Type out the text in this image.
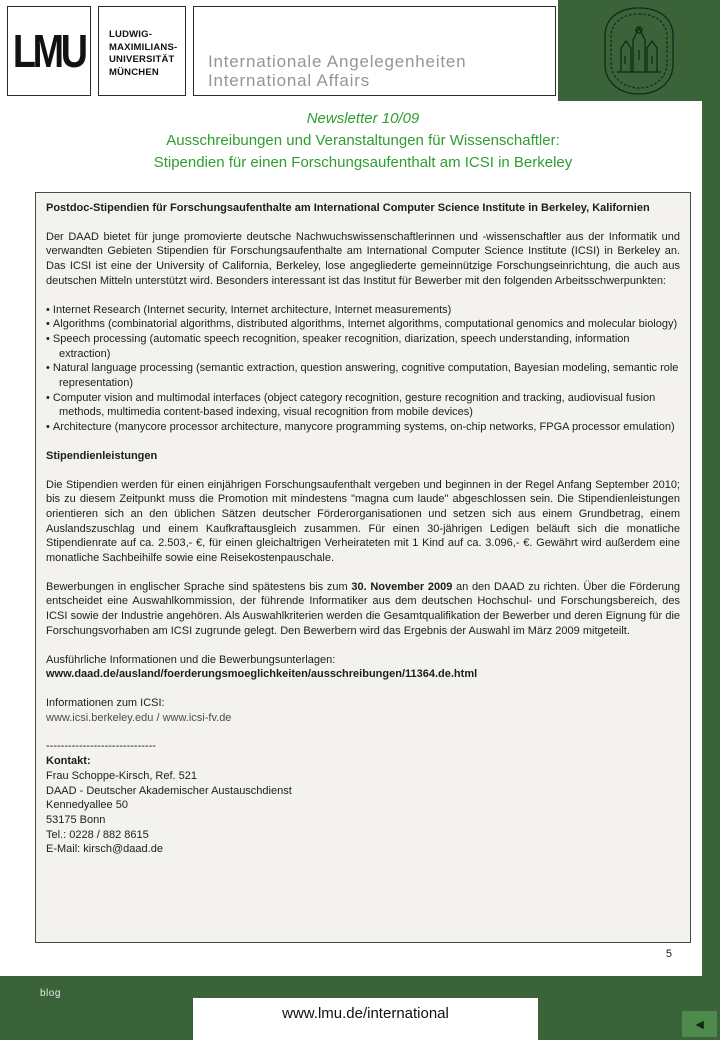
LMU	LUDWIG-
MAXIMILIANS-
UNIVERSITÄT
MÜNCHEN
Internationale Angelegenheiten
International Affairs
Newsletter 10/09
Ausschreibungen und Veranstaltungen für Wissenschaftler:
Stipendien für einen Forschungsaufenthalt am ICSI in Berkeley

Postdoc-Stipendien für Forschungsaufenthalte am International Computer Science Institute in Berkeley, Kalifornien

Der DAAD bietet für junge promovierte deutsche Nachwuchswissenschaftlerinnen und -wissenschaftler aus der Informatik und verwandten Gebieten Stipendien für Forschungsaufenthalte am International Computer Science Institute (ICSI) in Berkeley an. Das ICSI ist eine der University of California, Berkeley, lose angegliederte gemeinnützige Forschungseinrichtung, die auch aus deutschen Mitteln unterstützt wird. Besonders interessant ist das Institut für Bewerber mit den folgenden Arbeitsschwerpunkten:

• Internet Research (Internet security, Internet architecture, Internet measurements)
• Algorithms (combinatorial algorithms, distributed algorithms, Internet algorithms, computational genomics and molecular biology)
• Speech processing (automatic speech recognition, speaker recognition, diarization, speech understanding, information extraction)
• Natural language processing (semantic extraction, question answering, cognitive computation, Bayesian modeling, semantic role representation)
• Computer vision and multimodal interfaces (object category recognition, gesture recognition and tracking, audiovisual fusion methods, multimedia content-based indexing, visual recognition from mobile devices)
• Architecture (manycore processor architecture, manycore programming systems, on-chip networks, FPGA processor emulation)

Stipendienleistungen

Die Stipendien werden für einen einjährigen Forschungsaufenthalt vergeben und beginnen in der Regel Anfang September 2010; bis zu diesem Zeitpunkt muss die Promotion mit mindestens "magna cum laude" abgeschlossen sein. Die Stipendienleistungen orientieren sich an den üblichen Sätzen deutscher Förderorganisationen und setzen sich aus einem Grundbetrag, einem Auslandszuschlag und einem Kaufkraftausgleich zusammen. Für einen 30-jährigen Ledigen beläuft sich die monatliche Stipendienrate auf ca. 2.503,- €, für einen gleichaltrigen Verheirateten mit 1 Kind auf ca. 3.096,- €. Gewährt wird außerdem eine monatliche Sachbeihilfe sowie eine Reisekostenpauschale.

Bewerbungen in englischer Sprache sind spätestens bis zum 30. November 2009 an den DAAD zu richten. Über die Förderung entscheidet eine Auswahlkommission, der führende Informatiker aus dem deutschen Hochschul- und Forschungsbereich, des ICSI sowie der Industrie angehören. Als Auswahlkriterien werden die Gesamtqualifikation der Bewerber und deren Eignung für die Forschungsvorhaben am ICSI zugrunde gelegt. Den Bewerbern wird das Ergebnis der Auswahl im März 2009 mitgeteilt.

Ausführliche Informationen und die Bewerbungsunterlagen:
www.daad.de/ausland/foerderungsmoeglichkeiten/ausschreibungen/11364.de.html

Informationen zum ICSI:
www.icsi.berkeley.edu / www.icsi-fv.de

------------------------------
Kontakt:
Frau Schoppe-Kirsch, Ref. 521
DAAD - Deutscher Akademischer Austauschdienst
Kennedyallee 50
53175 Bonn
Tel.: 0228 / 882 8615
E-Mail: kirsch@daad.de

5
blog
www.lmu.de/international
◄
